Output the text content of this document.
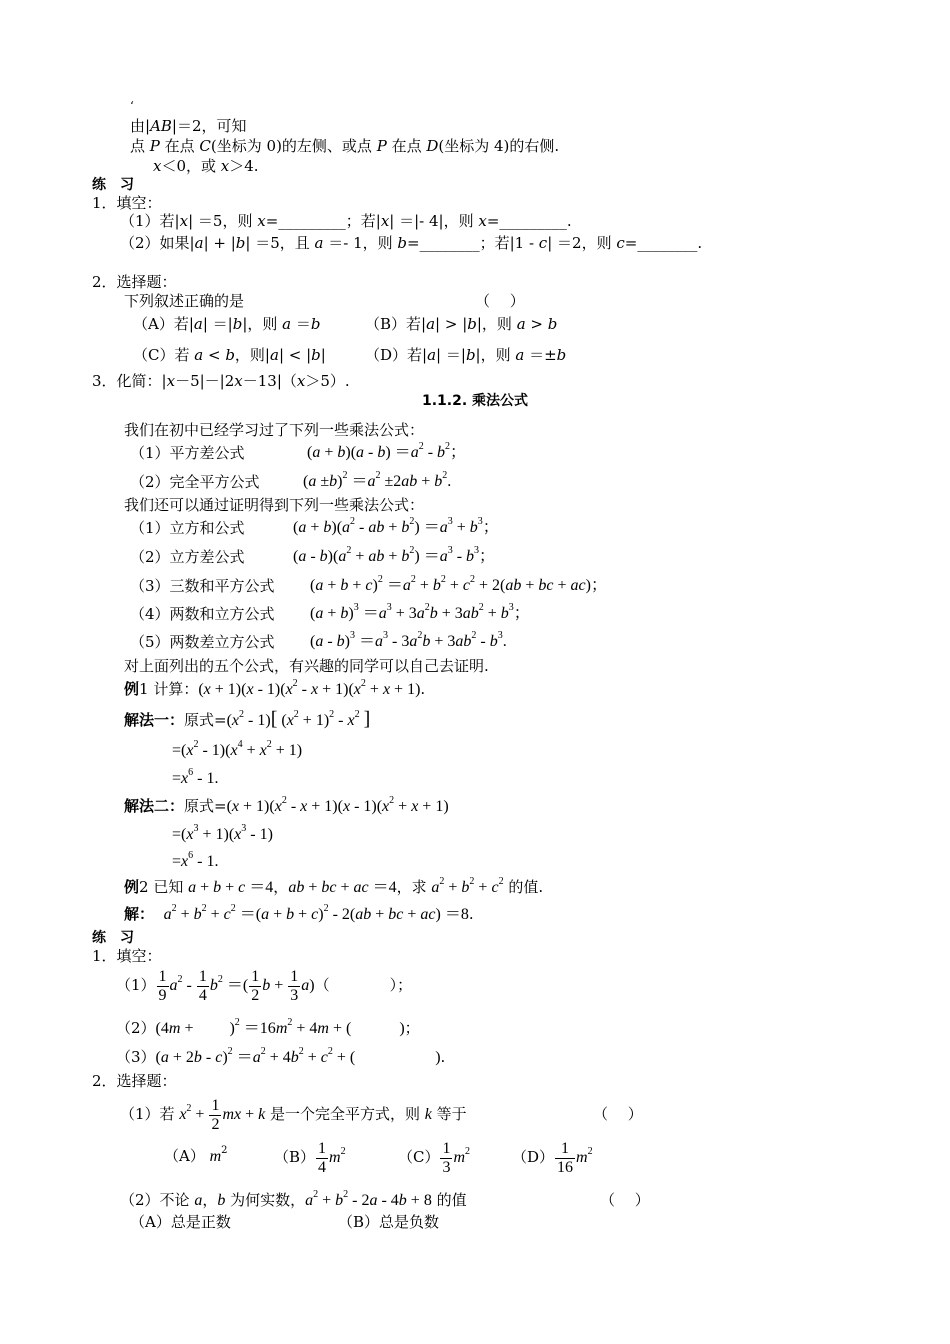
‘
由|AB|＝2，可知
点 P 在点 C(坐标为 0)的左侧、或点 P 在点 D(坐标为 4)的右侧.
x＜0，或 x＞4.
练　习
1．填空：
（1）若|x| ＝5，则 x=_________；若|x| ＝|- 4|，则 x=_________.
（2）如果|a| + |b| ＝5，且 a ＝- 1，则 b=________；若|1 - c| ＝2，则 c=________.
2．选择题：
下列叙述正确的是	（　 ）
（A）若|a| ＝|b|，则 a ＝b	（B）若|a| > |b|，则 a > b
（C）若 a < b，则|a| < |b|	（D）若|a| ＝|b|，则 a ＝±b
3．化简：|x－5|－|2x－13|（x＞5）.
1.1.2. 乘法公式
我们在初中已经学习过了下列一些乘法公式：
（1）平方差公式	$(a + b)(a - b) =a^2 - b^2$；
（2）完全平方公式	$(a \pm b)^2 =a^2 \pm 2ab + b^2$.
我们还可以通过证明得到下列一些乘法公式：
（1）立方和公式	$(a + b)(a^2$ - ab + $b^2) =a^3 + b^3$；
（2）立方差公式	$(a - b)(a^2$ + ab + $b^2) =a^3 - b^3$；
（3）三数和平方公式 $(a + b + c)^2 =a^2 + b^2 + c^2 + 2(ab$ + bc + ac)；
（4）两数和立方公式 $(a + b)^3 =a^3 + 3a^2b + 3ab^2 + b^3$；
（5）两数差立方公式 $(a - b)^3 =a^3 - 3a^2b + 3ab^2 - b^3$.
对上面列出的五个公式，有兴趣的同学可以自己去证明.
例1 计算：$(x + 1)(x - 1)(x^2 - x + 1)(x^2 + x + 1)$.
解法一：原式$=(x^2 - 1)$[ $(x^2 + 1)^2 - x^2$ ]
$=(x^2 - 1)(x^4 + x^2 + 1)$
$=x^6 - 1$.
解法二：原式$=(x + 1)(x^2 - x + 1)(x - 1)(x^2 + x + 1)$
$=(x^3 + 1)(x^3 - 1)$
$=x^6 - 1$.
例2 已知 a + b + c ＝4，ab + bc + ac ＝4，求 $a^2 + b^2 + c^2$ 的值.
解： $a^2 + b^2 + c^2 =(a + b + c)^2 - 2(ab$ + bc + ac) ＝8.
练　习
1．填空：
$(1) \frac{1}{9} a^2 - \frac{1}{4} b^2$ ＝( $\frac{1}{2}$ $b + \frac{1}{3} a$)（　　　　）；
（2）(4m + 　　)$^2 =16m^2 + 4m$ + (　　　)；
$(3)(a + 2b - c)^2 =a^2 + 4b^2 + c^2$ + (　　　　　).
2．选择题：
（1）若 $x^2 + \frac{1}{2}$ mx + k 是一个完全平方式，则 k 等于	（　 ）
（A） $m^2$	$(B) \frac{1}{4} m^2$	$(C) \frac{1}{3} m^2$	$(D) \frac{1}{16} m^2$
（2）不论 a，b 为何实数，$a^2 + b^2 - 2a - 4b + 8$ 的值	（　 ）
（A）总是正数	（B）总是负数
